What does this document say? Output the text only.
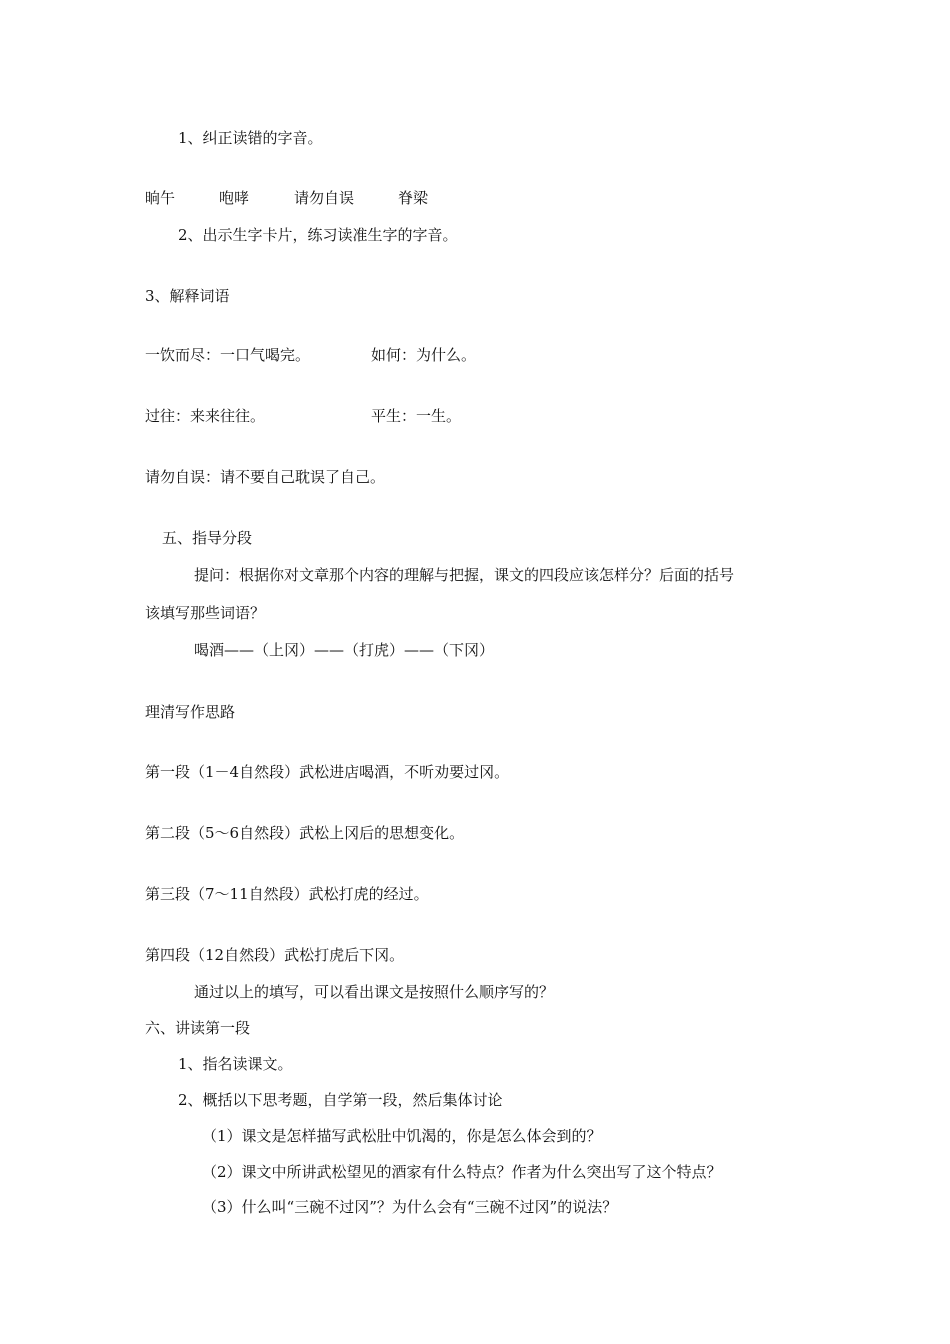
1、纠正读错的字音。
晌午	咆哮	请勿自误	脊梁
2、出示生字卡片，练习读准生字的字音。
3、解释词语
一饮而尽：一口气喝完。	如何：为什么。
过往：来来往往。	平生：一生。
请勿自误：请不要自己耽误了自己。
五、指导分段
提问：根据你对文章那个内容的理解与把握，课文的四段应该怎样分？后面的括号
该填写那些词语？
喝酒——（上冈）——（打虎）——（下冈）
理清写作思路
第一段（1－4自然段）武松进店喝酒，不听劝要过冈。
第二段（5～6自然段）武松上冈后的思想变化。
第三段（7～11自然段）武松打虎的经过。
第四段（12自然段）武松打虎后下冈。
通过以上的填写，可以看出课文是按照什么顺序写的？
六、讲读第一段
1、指名读课文。
2、概括以下思考题，自学第一段，然后集体讨论
（1）课文是怎样描写武松肚中饥渴的，你是怎么体会到的？
（2）课文中所讲武松望见的酒家有什么特点？作者为什么突出写了这个特点？
（3）什么叫“三碗不过冈”？为什么会有“三碗不过冈”的说法？
